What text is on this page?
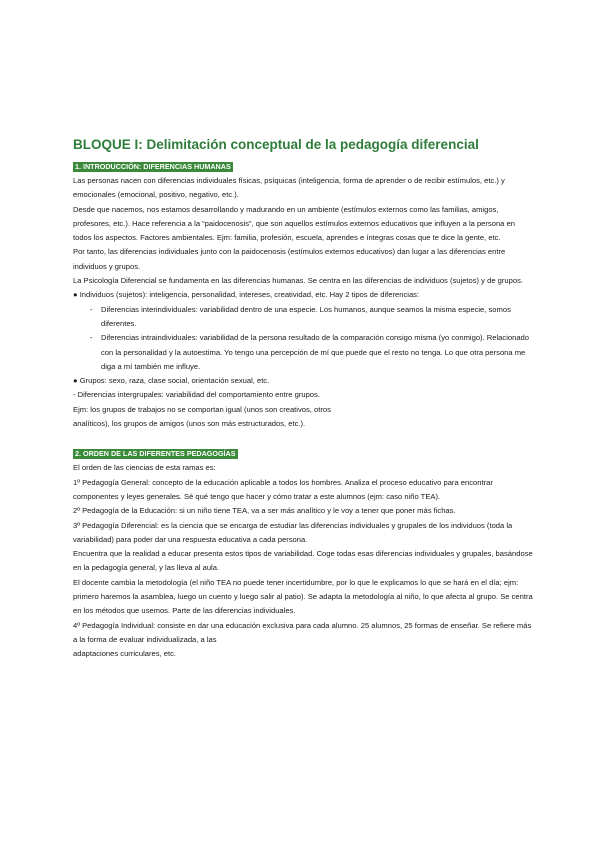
BLOQUE I: Delimitación conceptual de la pedagogía diferencial
1. INTRODUCCIÓN: DIFERENCIAS HUMANAS

Las personas nacen con diferencias individuales físicas, psíquicas (inteligencia, forma de aprender o de recibir estímulos, etc.) y emocionales (emocional, positivo, negativo, etc.).

Desde que nacemos, nos estamos desarrollando y madurando en un ambiente (estímulos externos como las familias, amigos, profesores, etc.). Hace referencia a la “paidocenosis”, que son aquellos estímulos externos educativos que influyen a la persona en todos los aspectos. Factores ambientales. Ejm: familia, profesión, escuela, aprendes e íntegras cosas que te dice la gente, etc.

Por tanto, las diferencias individuales junto con la paidocenosis (estímulos externos educativos) dan lugar a las diferencias entre individuos y grupos.

La Psicología Diferencial se fundamenta en las diferencias humanas. Se centra en las diferencias de individuos (sujetos) y de grupos.

● Individuos (sujetos): inteligencia, personalidad, intereses, creatividad, etc. Hay 2 tipos de diferencias:

- Diferencias interindividuales: variabilidad dentro de una especie. Los humanos, aunque seamos la misma especie, somos diferentes.

- Diferencias intraindividuales: variabilidad de la persona resultado de la comparación consigo misma (yo conmigo). Relacionado con la personalidad y la autoestima. Yo tengo una percepción de mí que puede que el resto no tenga. Lo que otra persona me diga a mí también me influye.

● Grupos: sexo, raza, clase social, orientación sexual, etc.

- Diferencias intergrupales: variabilidad del comportamiento entre grupos.

Ejm: los grupos de trabajos no se comportan igual (unos son creativos, otros

analíticos), los grupos de amigos (unos son más estructurados, etc.).

2. ORDEN DE LAS DIFERENTES PEDAGOGÍAS

El orden de las ciencias de esta ramas es:

1º Pedagogía General: concepto de la educación aplicable a todos los hombres. Analiza el proceso educativo para encontrar componentes y leyes generales. Sé qué tengo que hacer y cómo tratar a este alumnos (ejm: caso niño TEA).

2º Pedagogía de la Educación: si un niño tiene TEA, va a ser más analítico y le voy a tener que poner más fichas.

3º Pedagogía Diferencial: es la ciencia que se encarga de estudiar las diferencias individuales y grupales de los individuos (toda la variabilidad) para poder dar una respuesta educativa a cada persona.

Encuentra que la realidad a educar presenta estos tipos de variabilidad. Coge todas esas diferencias individuales y grupales, basándose en la pedagogía general, y las lleva al aula.

El docente cambia la metodología (el niño TEA no puede tener incertidumbre, por lo que le explicamos lo que se hará en el día; ejm: primero haremos la asamblea, luego un cuento y luego salir al patio). Se adapta la metodología al niño, lo que afecta al grupo. Se centra en los métodos que usemos. Parte de las diferencias individuales.

4º Pedagogía Individual: consiste en dar una educación exclusiva para cada alumno. 25 alumnos, 25 formas de enseñar. Se refiere más a la forma de evaluar individualizada, a las

adaptaciones curriculares, etc.
